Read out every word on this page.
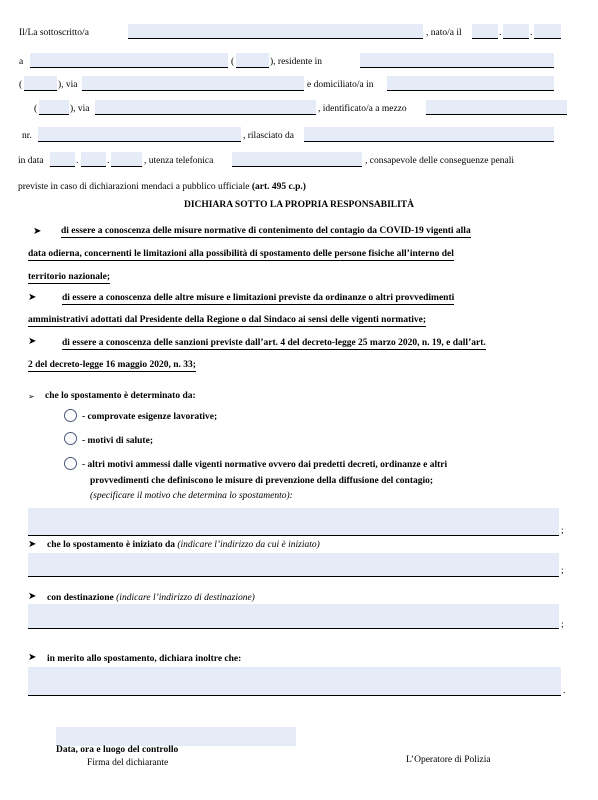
Il/La sottoscritto/a	, nato/a il	.	.
a	(	), residente in
(	), via	e domiciliato/a in
(	), via	, identificato/a a mezzo
nr.	, rilasciato da
in data	.	.	, utenza telefonica	, consapevole delle conseguenze penali
previste in caso di dichiarazioni mendaci a pubblico ufficiale (art. 495 c.p.)
DICHIARA SOTTO LA PROPRIA RESPONSABILITÀ
➤ di essere a conoscenza delle misure normative di contenimento del contagio da COVID-19 vigenti alla
data odierna, concernenti le limitazioni alla possibilità di spostamento delle persone fisiche all’interno del
territorio nazionale;
➤	di essere a conoscenza delle altre misure e limitazioni previste da ordinanze o altri provvedimenti
amministrativi adottati dal Presidente della Regione o dal Sindaco ai sensi delle vigenti normative;
➤	di essere a conoscenza delle sanzioni previste dall’art. 4 del decreto-legge 25 marzo 2020, n. 19, e dall’art.
2 del decreto-legge 16 maggio 2020, n. 33;
➢ che lo spostamento è determinato da:
- comprovate esigenze lavorative;
- motivi di salute;
- altri motivi ammessi dalle vigenti normative ovvero dai predetti decreti, ordinanze e altri
provvedimenti che definiscono le misure di prevenzione della diffusione del contagio;
(specificare il motivo che determina lo spostamento):
;
➤ che lo spostamento è iniziato da (indicare l’indirizzo da cui è iniziato)
;
➤ con destinazione (indicare l’indirizzo di destinazione)
;
➤ in merito allo spostamento, dichiara inoltre che:
.
Data, ora e luogo del controllo
Firma del dichiarante	L’Operatore di Polizia
